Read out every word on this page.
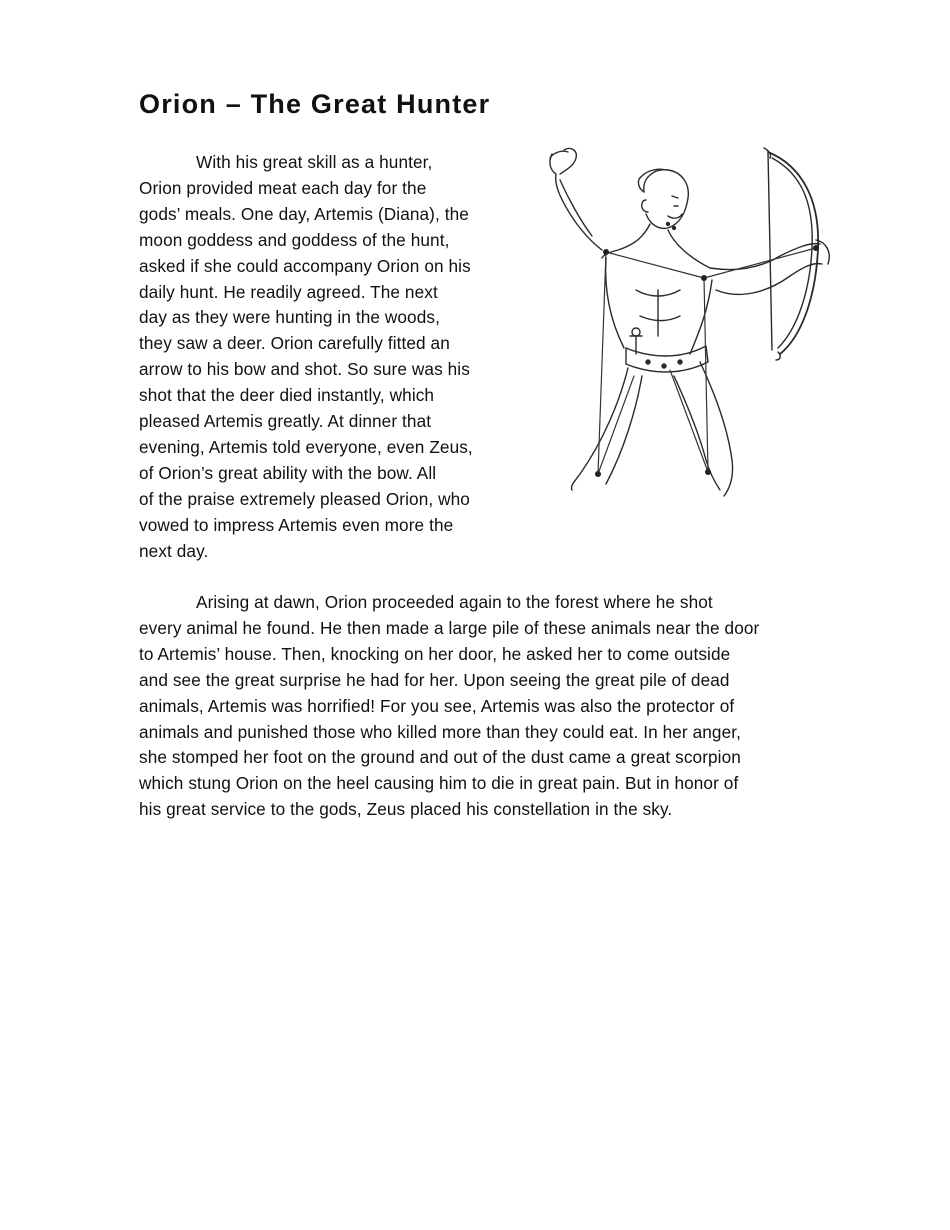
Orion – The Great Hunter

With his great skill as a hunter,
Orion provided meat each day for the
gods’ meals. One day, Artemis (Diana), the
moon goddess and goddess of the hunt,
asked if she could accompany Orion on his
daily hunt. He readily agreed. The next
day as they were hunting in the woods,
they saw a deer. Orion carefully fitted an
arrow to his bow and shot. So sure was his
shot that the deer died instantly, which
pleased Artemis greatly. At dinner that
evening, Artemis told everyone, even Zeus,
of Orion’s great ability with the bow. All
of the praise extremely pleased Orion, who
vowed to impress Artemis even more the
next day.

Arising at dawn, Orion proceeded again to the forest where he shot
every animal he found. He then made a large pile of these animals near the door
to Artemis’ house. Then, knocking on her door, he asked her to come outside
and see the great surprise he had for her. Upon seeing the great pile of dead
animals, Artemis was horrified! For you see, Artemis was also the protector of
animals and punished those who killed more than they could eat. In her anger,
she stomped her foot on the ground and out of the dust came a great scorpion
which stung Orion on the heel causing him to die in great pain. But in honor of
his great service to the gods, Zeus placed his constellation in the sky.
